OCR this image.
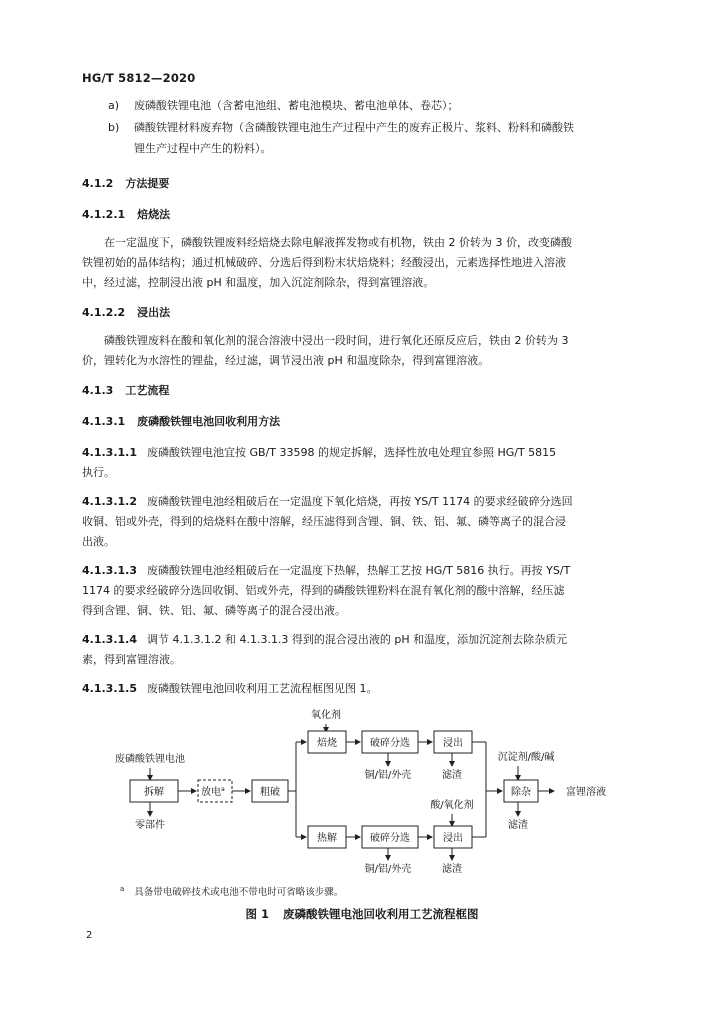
HG/T 5812—2020
a) 废磷酸铁锂电池（含蓄电池组、蓄电池模块、蓄电池单体、卷芯）；
b) 磷酸铁锂材料废弃物（含磷酸铁锂电池生产过程中产生的废弃正极片、浆料、粉料和磷酸铁
锂生产过程中产生的粉料）。
4.1.2 方法提要
4.1.2.1 焙烧法
在一定温度下，磷酸铁锂废料经焙烧去除电解液挥发物或有机物，铁由 2 价转为 3 价，改变磷酸
铁锂初始的晶体结构；通过机械破碎、分选后得到粉末状焙烧料；经酸浸出，元素选择性地进入溶液
中，经过滤，控制浸出液 pH 和温度，加入沉淀剂除杂，得到富锂溶液。
4.1.2.2 浸出法
磷酸铁锂废料在酸和氧化剂的混合溶液中浸出一段时间，进行氧化还原反应后，铁由 2 价转为 3
价，锂转化为水溶性的锂盐，经过滤，调节浸出液 pH 和温度除杂，得到富锂溶液。
4.1.3 工艺流程
4.1.3.1 废磷酸铁锂电池回收利用方法
4.1.3.1.1 废磷酸铁锂电池宜按 GB/T 33598 的规定拆解，选择性放电处理宜参照 HG/T 5815
执行。
4.1.3.1.2 废磷酸铁锂电池经粗破后在一定温度下氧化焙烧，再按 YS/T 1174 的要求经破碎分选回
收铜、铝或外壳，得到的焙烧料在酸中溶解，经压滤得到含锂、铜、铁、铝、氟、磷等离子的混合浸
出液。
4.1.3.1.3 废磷酸铁锂电池经粗破后在一定温度下热解，热解工艺按 HG/T 5816 执行。再按 YS/T
1174 的要求经破碎分选回收铜、铝或外壳，得到的磷酸铁锂粉料在混有氧化剂的酸中溶解，经压滤
得到含锂、铜、铁、铝、氟、磷等离子的混合浸出液。
4.1.3.1.4 调节 4.1.3.1.2 和 4.1.3.1.3 得到的混合浸出液的 pH 和温度，添加沉淀剂去除杂质元
素，得到富锂溶液。
4.1.3.1.5 废磷酸铁锂电池回收利用工艺流程框图见图 1。
废磷酸铁锂电池
拆解	放电$^a$
零部件
粗破
氧化剂
焙烧	破碎分选	浸出
铜/铝/外壳	滤渣
热解	破碎分选	浸出
酸/氧化剂
铜/铝/外壳	滤渣
沉淀剂/酸/碱
除杂
滤渣
富锂溶液
$^a$ 具备带电破碎技术或电池不带电时可省略该步骤。
图 1 废磷酸铁锂电池回收利用工艺流程框图
2
